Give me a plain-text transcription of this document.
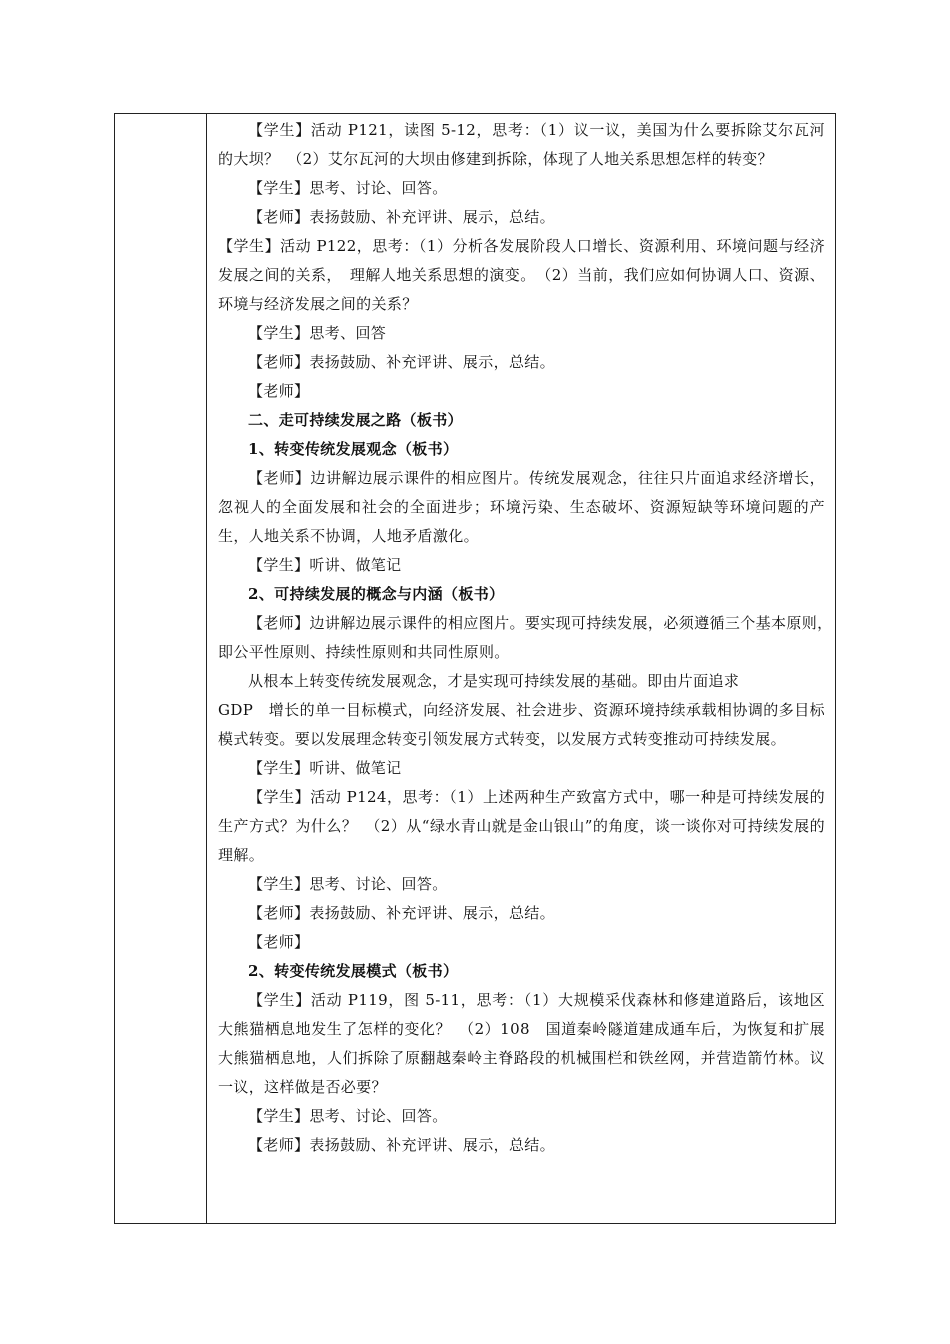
【学生】活动 P121，读图 5-12，思考：（1）议一议，美国为什么要拆除艾尔瓦河的大坝？　（2）艾尔瓦河的大坝由修建到拆除，体现了人地关系思想怎样的转变？

【学生】思考、讨论、回答。

【老师】表扬鼓励、补充评讲、展示，总结。

【学生】活动 P122，思考：（1）分析各发展阶段人口增长、资源利用、环境问题与经济发展之间的关系，　理解人地关系思想的演变。　（2）当前，我们应如何协调人口、资源、环境与经济发展之间的关系？

【学生】思考、回答

【老师】表扬鼓励、补充评讲、展示，总结。

【老师】

二、走可持续发展之路（板书）

1、转变传统发展观念（板书）

【老师】边讲解边展示课件的相应图片。传统发展观念，往往只片面追求经济增长，忽视人的全面发展和社会的全面进步；环境污染、生态破坏、资源短缺等环境问题的产生，人地关系不协调，人地矛盾激化。

【学生】听讲、做笔记

2、可持续发展的概念与内涵（板书）

【老师】边讲解边展示课件的相应图片。要实现可持续发展，必须遵循三个基本原则，　即公平性原则、持续性原则和共同性原则。

从根本上转变传统发展观念，才是实现可持续发展的基础。即由片面追求

GDP　增长的单一目标模式，向经济发展、社会进步、资源环境持续承载相协调的多目标模式转变。要以发展理念转变引领发展方式转变，以发展方式转变推动可持续发展。

【学生】听讲、做笔记

【学生】活动 P124，思考：（1）上述两种生产致富方式中，哪一种是可持续发展的生产方式？为什么？　（2）从“绿水青山就是金山银山”的角度，谈一谈你对可持续发展的理解。

【学生】思考、讨论、回答。

【老师】表扬鼓励、补充评讲、展示，总结。

【老师】

2、转变传统发展模式（板书）

【学生】活动 P119，图 5-11，思考：（1）大规模采伐森林和修建道路后，该地区大熊猫栖息地发生了怎样的变化？　（2）108　国道秦岭隧道建成通车后，为恢复和扩展大熊猫栖息地，人们拆除了原翻越秦岭主脊路段的机械围栏和铁丝网，并营造箭竹林。议一议，这样做是否必要？

【学生】思考、讨论、回答。

【老师】表扬鼓励、补充评讲、展示，总结。
